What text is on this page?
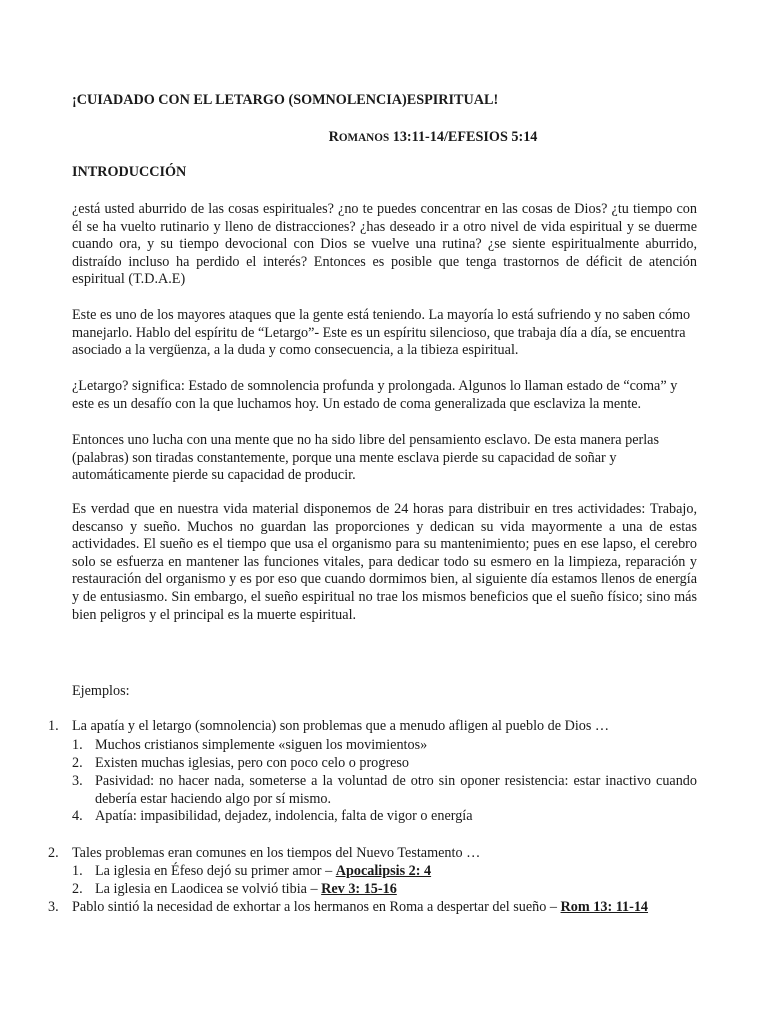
¡CUIADADO CON EL LETARGO (SOMNOLENCIA)ESPIRITUAL!

ROMANOS 13:11-14/EFESIOS 5:14

INTRODUCCIÓN

¿está usted aburrido de las cosas espirituales? ¿no te puedes concentrar en las cosas de Dios? ¿tu tiempo con él se ha vuelto rutinario y lleno de distracciones? ¿has deseado ir a otro nivel de vida espiritual y se duerme cuando ora, y su tiempo devocional con Dios se vuelve una rutina? ¿se siente espiritualmente aburrido, distraído incluso ha perdido el interés? Entonces es posible que tenga trastornos de déficit de atención espiritual (T.D.A.E)

Este es uno de los mayores ataques que la gente está teniendo. La mayoría lo está sufriendo y no saben cómo manejarlo. Hablo del espíritu de “Letargo”- Este es un espíritu silencioso, que trabaja día a día, se encuentra asociado a la vergüenza, a la duda y como consecuencia, a la tibieza espiritual.

¿Letargo? significa: Estado de somnolencia profunda y prolongada. Algunos lo llaman estado de “coma” y este es un desafío con la que luchamos hoy. Un estado de coma generalizada que esclaviza la mente.

Entonces uno lucha con una mente que no ha sido libre del pensamiento esclavo. De esta manera perlas (palabras) son tiradas constantemente, porque una mente esclava pierde su capacidad de soñar y automáticamente pierde su capacidad de producir.

Es verdad que en nuestra vida material disponemos de 24 horas para distribuir en tres actividades: Trabajo, descanso y sueño. Muchos no guardan las proporciones y dedican su vida mayormente a una de estas actividades. El sueño es el tiempo que usa el organismo para su mantenimiento; pues en ese lapso, el cerebro solo se esfuerza en mantener las funciones vitales, para dedicar todo su esmero en la limpieza, reparación y restauración del organismo y es por eso que cuando dormimos bien, al siguiente día estamos llenos de energía y de entusiasmo. Sin embargo, el sueño espiritual no trae los mismos beneficios que el sueño físico; sino más bien peligros y el principal es la muerte espiritual.

Ejemplos:

1. La apatía y el letargo (somnolencia) son problemas que a menudo afligen al pueblo de Dios …
1. Muchos cristianos simplemente «siguen los movimientos»
2. Existen muchas iglesias, pero con poco celo o progreso
3. Pasividad: no hacer nada, someterse a la voluntad de otro sin oponer resistencia: estar inactivo cuando debería estar haciendo algo por sí mismo.
4. Apatía: impasibilidad, dejadez, indolencia, falta de vigor o energía
2. Tales problemas eran comunes en los tiempos del Nuevo Testamento …
1. La iglesia en Éfeso dejó su primer amor – Apocalipsis 2: 4
2. La iglesia en Laodicea se volvió tibia – Rev 3: 15-16
3. Pablo sintió la necesidad de exhortar a los hermanos en Roma a despertar del sueño – Rom 13: 11-14
